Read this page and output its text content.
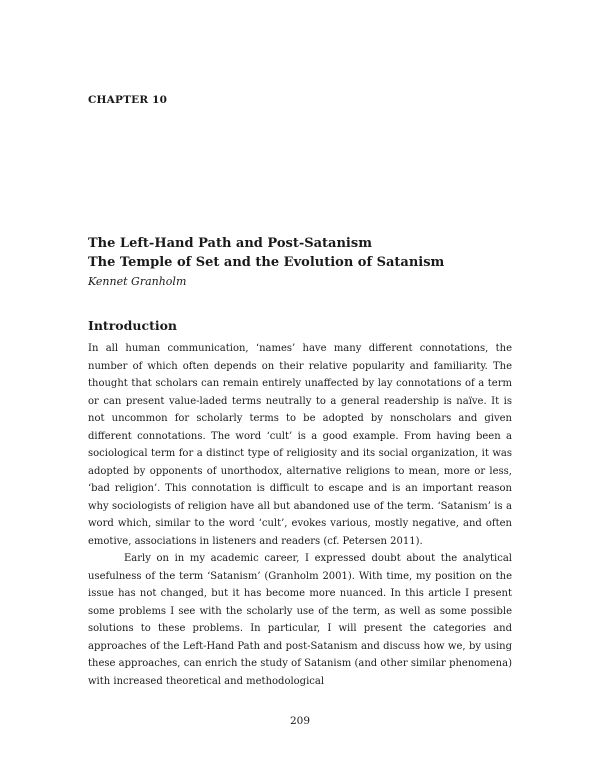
CHAPTER 10
The Left-Hand Path and Post-Satanism
The Temple of Set and the Evolution of Satanism
Kennet Granholm
Introduction

In all human communication, ‘names’ have many different connotations, the number of which often depends on their relative popularity and familiarity. The thought that scholars can remain entirely unaffected by lay connotations of a term or can present value-laded terms neutrally to a general readership is naïve. It is not uncommon for scholarly terms to be adopted by nonscholars and given different connotations. The word ‘cult’ is a good example. From having been a sociological term for a distinct type of religiosity and its social organization, it was adopted by opponents of unorthodox, alternative religions to mean, more or less, ‘bad religion’. This connotation is difficult to escape and is an important reason why sociologists of religion have all but abandoned use of the term. ‘Satanism’ is a word which, similar to the word ‘cult’, evokes various, mostly negative, and often emotive, associations in listeners and readers (cf. Petersen 2011).

Early on in my academic career, I expressed doubt about the analytical usefulness of the term ‘Satanism’ (Granholm 2001). With time, my position on the issue has not changed, but it has become more nuanced. In this article I present some problems I see with the scholarly use of the term, as well as some possible solutions to these problems. In particular, I will present the categories and approaches of the Left-Hand Path and post-Satanism and discuss how we, by using these approaches, can enrich the study of Satanism (and other similar phenomena) with increased theoretical and methodological

209
